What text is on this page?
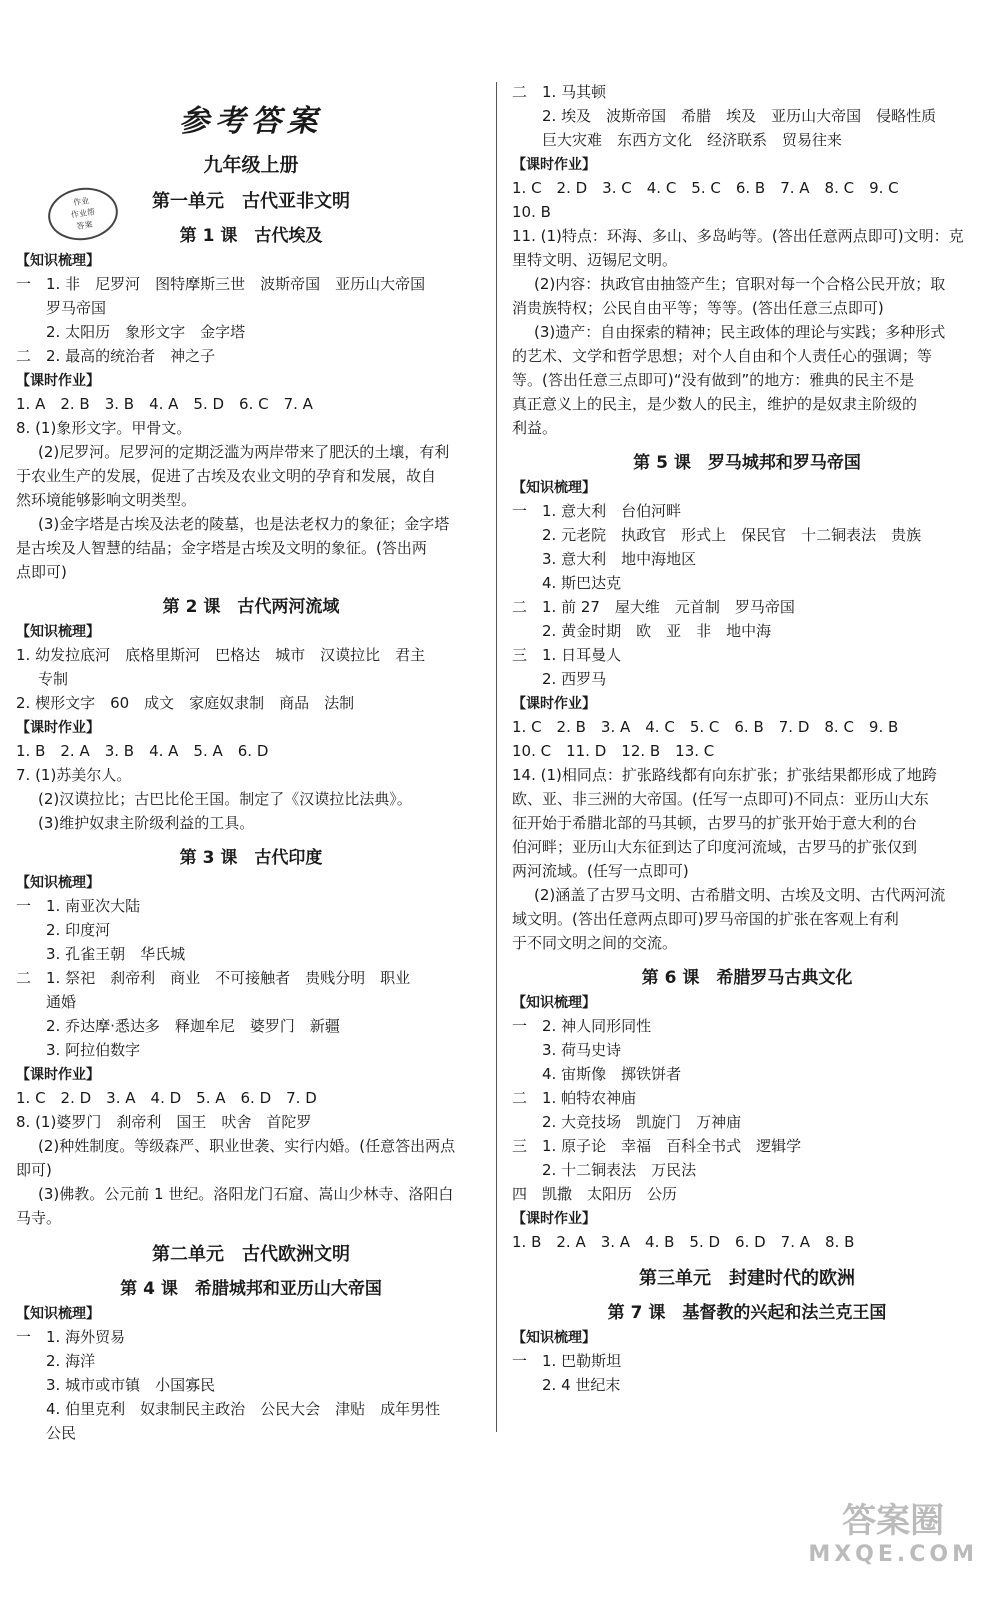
参考答案
九年级上册
第一单元　古代亚非文明
第 1 课　古代埃及
【知识梳理】
一　1. 非　尼罗河　图特摩斯三世　波斯帝国　亚历山大帝国
罗马帝国
2. 太阳历　象形文字　金字塔
二　2. 最高的统治者　神之子
【课时作业】
1. A　2. B　3. B　4. A　5. D　6. C　7. A
8. (1)象形文字。甲骨文。
(2)尼罗河。尼罗河的定期泛滥为两岸带来了肥沃的土壤，有利
于农业生产的发展，促进了古埃及农业文明的孕育和发展，故自
然环境能够影响文明类型。
(3)金字塔是古埃及法老的陵墓，也是法老权力的象征；金字塔
是古埃及人智慧的结晶；金字塔是古埃及文明的象征。(答出两
点即可)
第 2 课　古代两河流域
【知识梳理】
1. 幼发拉底河　底格里斯河　巴格达　城市　汉谟拉比　君主
专制
2. 楔形文字　60　成文　家庭奴隶制　商品　法制
【课时作业】
1. B　2. A　3. B　4. A　5. A　6. D
7. (1)苏美尔人。
(2)汉谟拉比；古巴比伦王国。制定了《汉谟拉比法典》。
(3)维护奴隶主阶级利益的工具。
第 3 课　古代印度
【知识梳理】
一　1. 南亚次大陆
2. 印度河
3. 孔雀王朝　华氏城
二　1. 祭祀　刹帝利　商业　不可接触者　贵贱分明　职业
通婚
2. 乔达摩·悉达多　释迦牟尼　婆罗门　新疆
3. 阿拉伯数字
【课时作业】
1. C　2. D　3. A　4. D　5. A　6. D　7. D
8. (1)婆罗门　刹帝利　国王　吠舍　首陀罗
(2)种姓制度。等级森严、职业世袭、实行内婚。(任意答出两点
即可)
(3)佛教。公元前 1 世纪。洛阳龙门石窟、嵩山少林寺、洛阳白
马寺。
第二单元　古代欧洲文明
第 4 课　希腊城邦和亚历山大帝国
【知识梳理】
一　1. 海外贸易
2. 海洋
3. 城市或市镇　小国寡民
4. 伯里克利　奴隶制民主政治　公民大会　津贴　成年男性
公民
二　1. 马其顿
2. 埃及　波斯帝国　希腊　埃及　亚历山大帝国　侵略性质
巨大灾难　东西方文化　经济联系　贸易往来
【课时作业】
1. C　2. D　3. C　4. C　5. C　6. B　7. A　8. C　9. C
10. B
11. (1)特点：环海、多山、多岛屿等。(答出任意两点即可)文明：克
里特文明、迈锡尼文明。
(2)内容：执政官由抽签产生；官职对每一个合格公民开放；取
消贵族特权；公民自由平等；等等。(答出任意三点即可)
(3)遗产：自由探索的精神；民主政体的理论与实践；多种形式
的艺术、文学和哲学思想；对个人自由和个人责任心的强调；等
等。(答出任意三点即可)“没有做到”的地方：雅典的民主不是
真正意义上的民主，是少数人的民主，维护的是奴隶主阶级的
利益。
第 5 课　罗马城邦和罗马帝国
【知识梳理】
一　1. 意大利　台伯河畔
2. 元老院　执政官　形式上　保民官　十二铜表法　贵族
3. 意大利　地中海地区
4. 斯巴达克
二　1. 前 27　屋大维　元首制　罗马帝国
2. 黄金时期　欧　亚　非　地中海
三　1. 日耳曼人
2. 西罗马
【课时作业】
1. C　2. B　3. A　4. C　5. C　6. B　7. D　8. C　9. B
10. C　11. D　12. B　13. C
14. (1)相同点：扩张路线都有向东扩张；扩张结果都形成了地跨
欧、亚、非三洲的大帝国。(任写一点即可)不同点：亚历山大东
征开始于希腊北部的马其顿，古罗马的扩张开始于意大利的台
伯河畔；亚历山大东征到达了印度河流域，古罗马的扩张仅到
两河流域。(任写一点即可)
(2)涵盖了古罗马文明、古希腊文明、古埃及文明、古代两河流
域文明。(答出任意两点即可)罗马帝国的扩张在客观上有利
于不同文明之间的交流。
第 6 课　希腊罗马古典文化
【知识梳理】
一　2. 神人同形同性
3. 荷马史诗
4. 宙斯像　掷铁饼者
二　1. 帕特农神庙
2. 大竞技场　凯旋门　万神庙
三　1. 原子论　幸福　百科全书式　逻辑学
2. 十二铜表法　万民法
四　凯撒　太阳历　公历
【课时作业】
1. B　2. A　3. A　4. B　5. D　6. D　7. A　8. B
第三单元　封建时代的欧洲
第 7 课　基督教的兴起和法兰克王国
【知识梳理】
一　1. 巴勒斯坦
2. 4 世纪末
作业
作业帮
答案
答案圈
MXQE.COM
